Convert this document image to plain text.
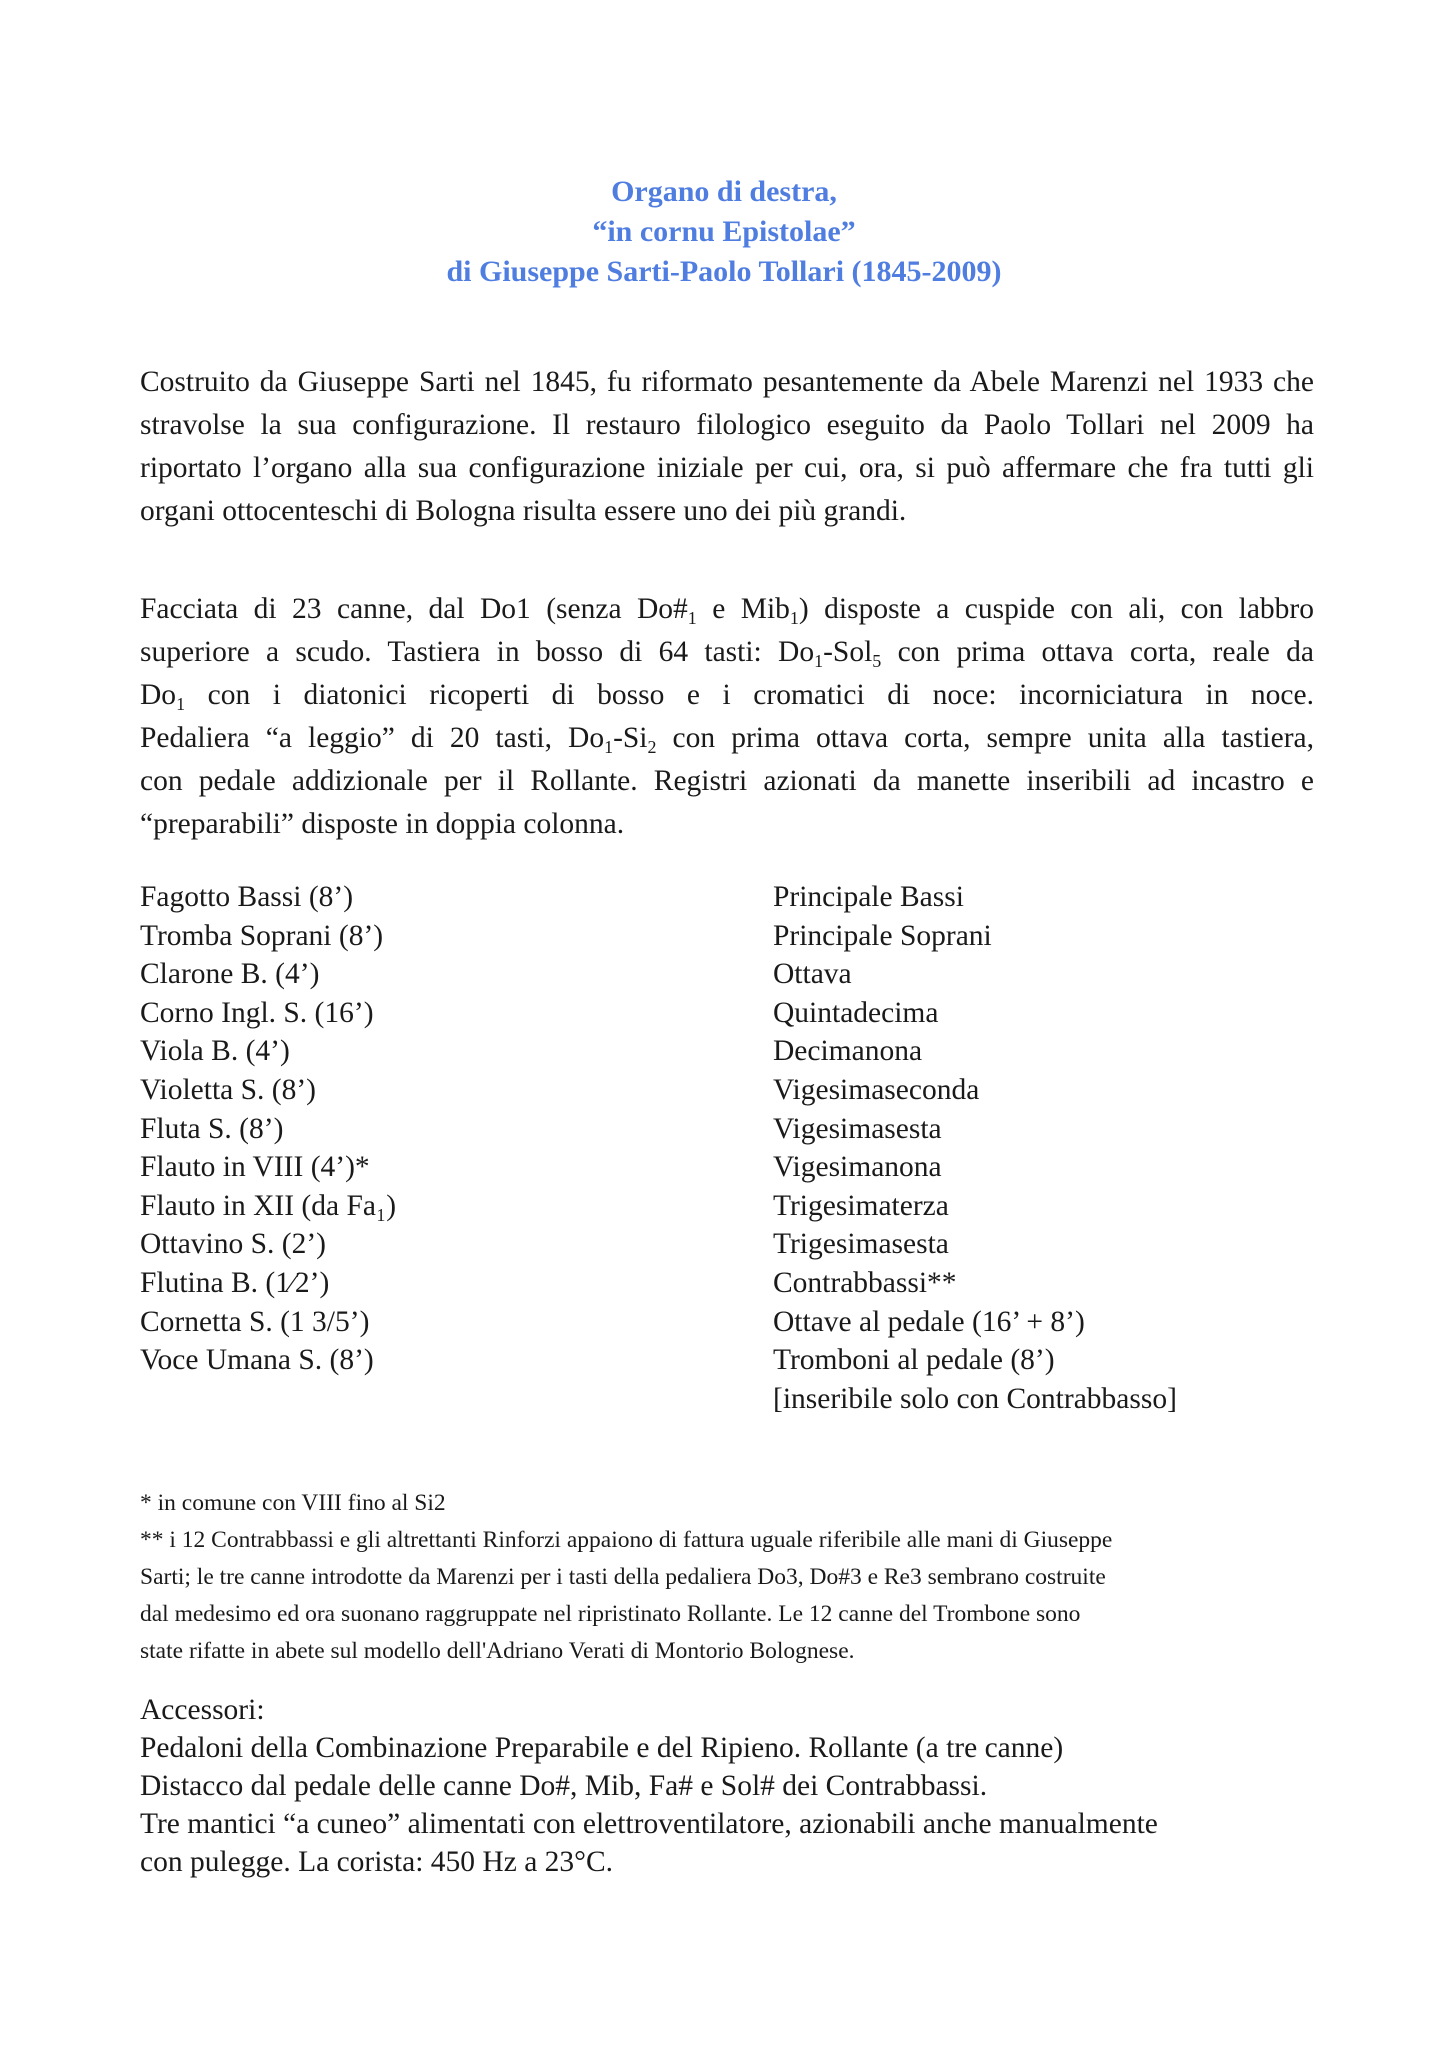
Organo di destra,
“in cornu Epistolae”
di Giuseppe Sarti-Paolo Tollari (1845-2009)

Costruito da Giuseppe Sarti nel 1845, fu riformato pesantemente da Abele Marenzi nel 1933 che stravolse la sua configurazione. Il restauro filologico eseguito da Paolo Tollari nel 2009 ha riportato l’organo alla sua configurazione iniziale per cui, ora, si può affermare che fra tutti gli organi ottocenteschi di Bologna risulta essere uno dei più grandi.

Facciata di 23 canne, dal Do1 (senza $Do\#_1$ e Mib$_1$) disposte a cuspide con ali, con labbro
superiore a scudo. Tastiera in bosso di 64 tasti: $Do_1-Sol_5$ con prima ottava corta, reale da
$Do_1$ con i diatonici ricoperti di bosso e i cromatici di noce: incorniciatura in noce.
Pedaliera “a leggio” di 20 tasti, $Do_1-Si_2$ con prima ottava corta, sempre unita alla tastiera,
con pedale addizionale per il Rollante. Registri azionati da manette inseribili ad incastro e
“preparabili” disposte in doppia colonna.
Fagotto Bassi (8’)
Tromba Soprani (8’)
Clarone B. (4’)
Corno Ingl. S. (16’)
Viola B. (4’)
Violetta S. (8’)
Fluta S. (8’)
Flauto in VIII (4’)*
Flauto in XII (da Fa₁)
Ottavino S. (2’)
Flutina B. (1⁄2’)
Cornetta S. (1 3/5’)
Voce Umana S. (8’)
Principale Bassi
Principale Soprani
Ottava
Quintadecima
Decimanona
Vigesimaseconda
Vigesimasesta
Vigesimanona
Trigesimaterza
Trigesimasesta
Contrabbassi**
Ottave al pedale (16’ + 8’)
Tromboni al pedale (8’)
[inseribile solo con Contrabbasso]
* in comune con VIII fino al Si2
** i 12 Contrabbassi e gli altrettanti Rinforzi appaiono di fattura uguale riferibile alle mani di Giuseppe
Sarti; le tre canne introdotte da Marenzi per i tasti della pedaliera Do3, Do#3 e Re3 sembrano costruite
dal medesimo ed ora suonano raggruppate nel ripristinato Rollante. Le 12 canne del Trombone sono
state rifatte in abete sul modello dell'Adriano Verati di Montorio Bolognese.
Accessori:
Pedaloni della Combinazione Preparabile e del Ripieno. Rollante (a tre canne)
Distacco dal pedale delle canne Do#, Mib, Fa# e Sol# dei Contrabbassi.
Tre mantici “a cuneo” alimentati con elettroventilatore, azionabili anche manualmente
con pulegge. La corista: 450 Hz a 23°C.
